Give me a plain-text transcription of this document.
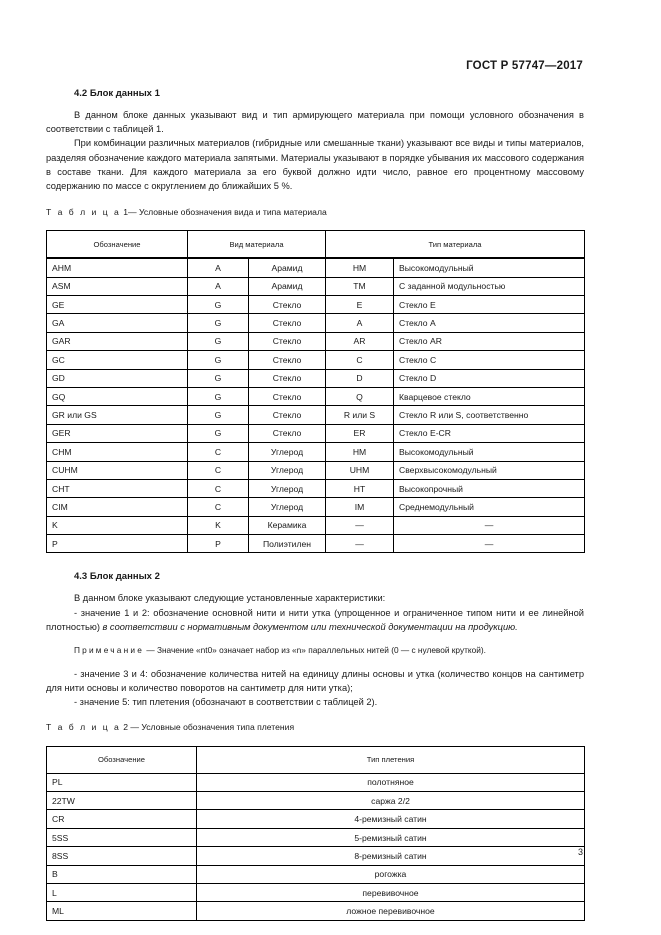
ГОСТ Р 57747—2017
4.2 Блок данных 1

В данном блоке данных указывают вид и тип армирующего материала при помощи условного обозначения в соответствии с таблицей 1.

При комбинации различных материалов (гибридные или смешанные ткани) указывают все виды и типы материалов, разделяя обозначение каждого материала запятыми. Материалы указывают в порядке убывания их массового содержания в составе ткани. Для каждого материала за его буквой должно идти число, равное его процентному массовому содержанию по массе с округлением до ближайших 5 %.

Т а б л и ц а 1— Условные обозначения вида и типа материала

Обозначение	Вид материала		Тип материала	
AHM	A	Арамид	HM	Высокомодульный
ASM	A	Арамид	TM	С заданной модульностью
GE	G	Стекло	E	Стекло E
GA	G	Стекло	A	Стекло A
GAR	G	Стекло	AR	Стекло AR
GC	G	Стекло	C	Стекло C
GD	G	Стекло	D	Стекло D
GQ	G	Стекло	Q	Кварцевое стекло
GR или GS	G	Стекло	R или S	Стекло R или S, соответственно
GER	G	Стекло	ER	Стекло E-CR
CHM	C	Углерод	HM	Высокомодульный
CUHM	C	Углерод	UHM	Сверхвысокомодульный
CHT	C	Углерод	HT	Высокопрочный
CIM	C	Углерод	IM	Среднемодульный
K	K	Керамика	—	—
P	P	Полиэтилен	—	—
4.3 Блок данных 2

В данном блоке указывают следующие установленные характеристики:

- значение 1 и 2: обозначение основной нити и нити утка (упрощенное и ограниченное типом нити и ее линейной плотностью) в соответствии с нормативным документом или технической документации на продукцию.

Примечание — Значение «nt0» означает набор из «n» параллельных нитей (0 — с нулевой круткой).

- значение 3 и 4: обозначение количества нитей на единицу длины основы и утка (количество концов на сантиметр для нити основы и количество поворотов на сантиметр для нити утка);

- значение 5: тип плетения (обозначают в соответствии с таблицей 2).

Т а б л и ц а 2 — Условные обозначения типа плетения

Обозначение	Тип плетения
PL	полотняное
22TW	саржа 2/2
CR	4-ремизный сатин
5SS	5-ремизный сатин
8SS	8-ремизный сатин
B	рогожка
L	перевивочное
ML	ложное перевивочное
3
